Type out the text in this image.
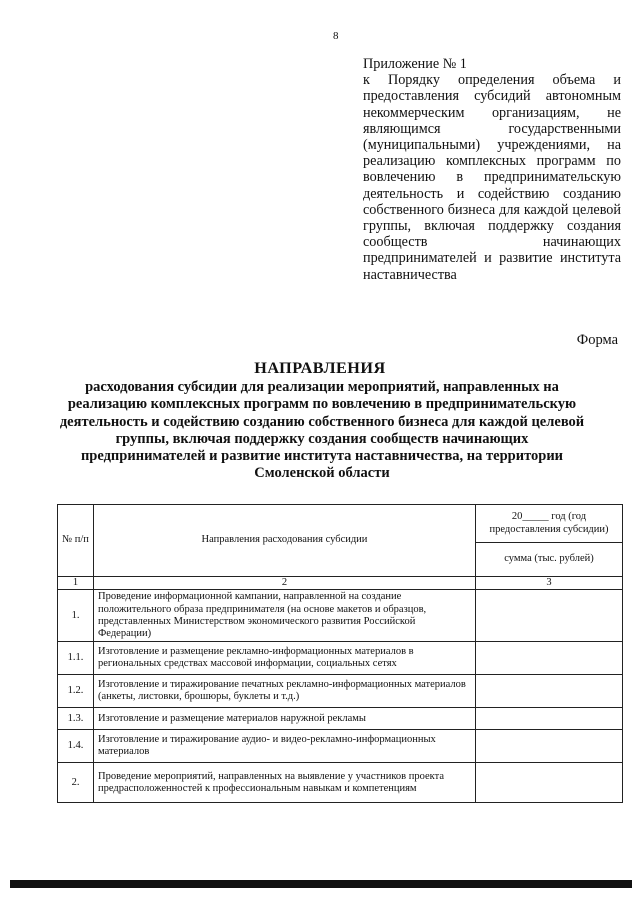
8
Приложение № 1
к Порядку определения объема и предоставления субсидий автономным некоммерческим организациям, не являющимся государственными (муниципальными) учреждениями, на реализацию комплексных программ по вовлечению в предпринимательскую деятельность и содействию созданию собственного бизнеса для каждой целевой группы, включая поддержку создания сообществ начинающих предпринимателей и развитие института наставничества
Форма
НАПРАВЛЕНИЯ
расходования субсидии для реализации мероприятий, направленных на реализацию комплексных программ по вовлечению в предпринимательскую деятельность и содействию созданию собственного бизнеса для каждой целевой группы, включая поддержку создания сообществ начинающих предпринимателей и развитие института наставничества, на территории Смоленской области
№ п/п	Направления расходования субсидии	20_____ год (год предоставления субсидии)
		сумма (тыс. рублей)
1	2	3
1.	Проведение информационной кампании, направленной на создание положительного образа предпринимателя (на основе макетов и образцов, представленных Министерством экономического развития Российской Федерации)	
1.1.	Изготовление и размещение рекламно-информационных материалов в региональных средствах массовой информации, социальных сетях	
1.2.	Изготовление и тиражирование печатных рекламно-информационных материалов (анкеты, листовки, брошюры, буклеты и т.д.)	
1.3.	Изготовление и размещение материалов наружной рекламы	
1.4.	Изготовление и тиражирование аудио- и видео-рекламно-информационных материалов	
2.	Проведение мероприятий, направленных на выявление у участников проекта предрасположенностей к профессиональным навыкам и компетенциям	
